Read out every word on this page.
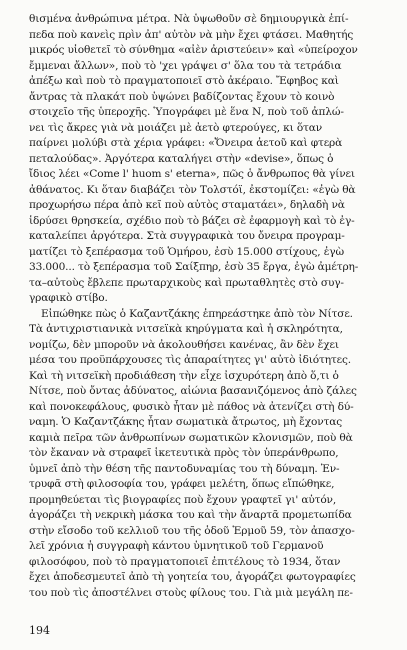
θισμένα ἀνθρώπινα μέτρα. Νὰ ὑψωθοῦν σὲ δημιουργικὰ ἐπί-
πεδα ποὺ κανεὶς πρὶν ἀπ' αὐτὸν νὰ μὴν ἔχει φτάσει. Μαθητής
μικρός υἱοθετεῖ τὸ σύνθημα «αἰὲν ἀριστεύειν» καὶ «ὑπείροχον
ἔμμεναι ἄλλων», ποὺ τὸ 'χει γράψει σ' ὅλα του τὰ τετράδια
ἀπέξω καὶ ποὺ τὸ πραγματοποιεῖ στὸ ἀκέραιο. Ἔφηβος καὶ
ἄντρας τὰ πλακάτ ποὺ ὑψώνει βαδίζοντας ἔχουν τὸ κοινὸ
στοιχεῖο τῆς ὑπεροχῆς. Ὑπογράφει μὲ ἕνα Ν, ποὺ τοῦ ἀπλώ-
νει τὶς ἄκρες γιὰ νὰ μοιάζει μὲ ἀετὸ φτερούγες, κι ὅταν
παίρνει μολύβι στὰ χέρια γράφει: «Ὄνειρα ἀετοῦ καὶ φτερὰ
πεταλούδας». Ἀργότερα καταλήγει στὴν «devise», ὅπως ὁ
ἴδιος λέει «Come l' huom s' eterna», πῶς ὁ ἄνθρωπος θὰ γίνει
ἀθάνατος. Κι ὅταν διαβάζει τὸν Τολστόϊ, ἐκστομίζει: «ἐγὼ θὰ
προχωρήσω πέρα ἀπὸ κεῖ ποὺ αὐτὸς σταματάει», δηλαδὴ νὰ
ἱδρύσει θρησκεία, σχέδιο ποὺ τὸ βάζει σὲ ἐφαρμογὴ καὶ τὸ ἐγ-
καταλείπει ἀργότερα. Στὰ συγγραφικὰ του ὄνειρα προγραμ-
ματίζει τὸ ξεπέρασμα τοῦ Ὁμήρου, ἐσὺ 15.000 στίχους, ἐγὼ
33.000... τὸ ξεπέρασμα τοῦ Σαίξπηρ, ἐσὺ 35 ἔργα, ἐγὼ ἀμέτρη-
τα–αὐτοὺς ἔβλεπε πρωταρχικοὺς καὶ πρωταθλητὲς στὸ συγ-
γραφικὸ στίβο.
Εἰπώθηκε πὼς ὁ Καζαντζάκης ἐπηρεάστηκε ἀπὸ τὸν Νίτσε.
Τὰ ἀντιχριστιανικὰ νιτσεϊκὰ κηρύγματα καὶ ἡ σκληρότητα,
νομίζω, δὲν μποροῦν νὰ ἀκολουθήσει κανένας, ἂν δὲν ἔχει
μέσα του προϋπάρχουσες τὶς ἀπαραίτητες γι' αὐτὸ ἰδιότητες.
Καὶ τὴ νιτσεϊκὴ προδιάθεση τὴν εἶχε ἰσχυρότερη ἀπὸ ὅ,τι ὁ
Νίτσε, ποὺ ὄντας ἀδύνατος, αἰώνια βασανιζόμενος ἀπὸ ζάλες
καὶ πονοκεφάλους, φυσικὸ ἦταν μὲ πάθος νὰ ἀτενίζει στὴ δύ-
ναμη. Ὁ Καζαντζάκης ἦταν σωματικὰ ἄτρωτος, μὴ ἔχοντας
καμιὰ πεῖρα τῶν ἀνθρωπίνων σωματικῶν κλονισμῶν, ποὺ θὰ
τὸν ἔκαναν νὰ στραφεῖ ἱκετευτικὰ πρὸς τὸν ὑπεράνθρωπο,
ὑμνεῖ ἀπὸ τὴν θέση τῆς παντοδυναμίας του τὴ δύναμη. Ἐν-
τρυφᾶ στὴ φιλοσοφία του, γράφει μελέτη, ὅπως εἴπώθηκε,
προμηθεύεται τὶς βιογραφίες ποὺ ἔχουν γραφτεῖ γι' αὐτόν,
ἀγοράζει τὴ νεκρικὴ μάσκα του καὶ τὴν ἄναρτᾶ προμετωπίδα
στὴν εἴσοδο τοῦ κελλιοῦ του τῆς ὁδοῦ Ἑρμοῦ 59, τὸν ἀπασχο-
λεῖ χρόνια ἡ συγγραφὴ κάντου ὑμνητικοῦ τοῦ Γερμανοῦ
φιλοσόφου, ποὺ τὸ πραγματοποιεῖ ἐπιτέλους τὸ 1934, ὅταν
ἔχει ἀποδεσμευτεῖ ἀπὸ τὴ γοητεία του, ἀγοράζει φωτογραφίες
του ποὺ τὶς ἀποστέλνει στοὺς φίλους του. Γιὰ μιὰ μεγάλη πε-
194
